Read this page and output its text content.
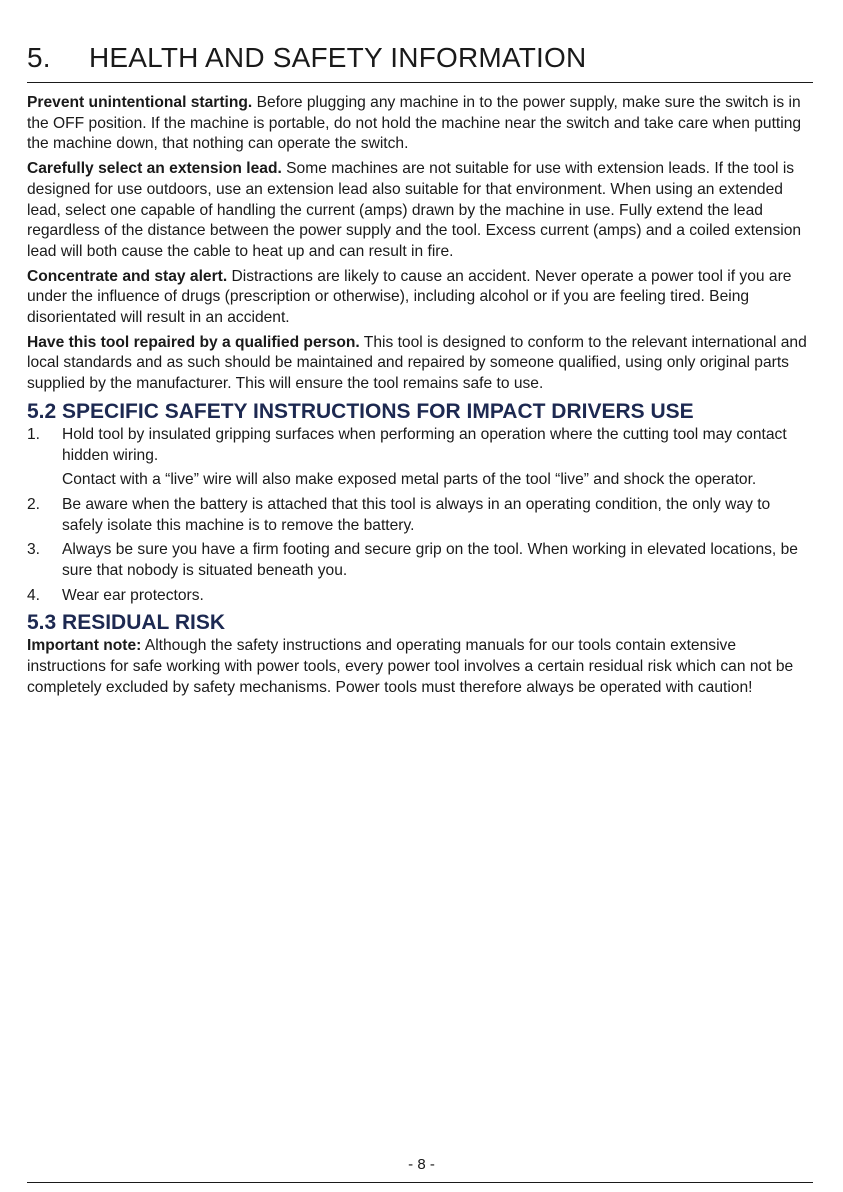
5. HEALTH AND SAFETY INFORMATION

Prevent unintentional starting. Before plugging any machine in to the power supply, make sure the switch is in the OFF position. If the machine is portable, do not hold the machine near the switch and take care when putting the machine down, that nothing can operate the switch.

Carefully select an extension lead. Some machines are not suitable for use with extension leads. If the tool is designed for use outdoors, use an extension lead also suitable for that environment. When using an extended lead, select one capable of handling the current (amps) drawn by the machine in use. Fully extend the lead regardless of the distance between the power supply and the tool. Excess current (amps) and a coiled extension lead will both cause the cable to heat up and can result in fire.

Concentrate and stay alert. Distractions are likely to cause an accident. Never operate a power tool if you are under the influence of drugs (prescription or otherwise), including alcohol or if you are feeling tired. Being disorientated will result in an accident.

Have this tool repaired by a qualified person. This tool is designed to conform to the relevant international and local standards and as such should be maintained and repaired by someone qualified, using only original parts supplied by the manufacturer. This will ensure the tool remains safe to use.

5.2 SPECIFIC SAFETY INSTRUCTIONS FOR IMPACT DRIVERS USE
1. Hold tool by insulated gripping surfaces when performing an operation where the cutting tool may contact hidden wiring.
Contact with a “live” wire will also make exposed metal parts of the tool “live” and shock the operator.
2. Be aware when the battery is attached that this tool is always in an operating condition, the only way to safely isolate this machine is to remove the battery.
3. Always be sure you have a firm footing and secure grip on the tool. When working in elevated locations, be sure that nobody is situated beneath you.
4. Wear ear protectors.
5.3 RESIDUAL RISK

Important note: Although the safety instructions and operating manuals for our tools contain extensive instructions for safe working with power tools, every power tool involves a certain residual risk which can not be completely excluded by safety mechanisms. Power tools must therefore always be operated with caution!

- 8 -
